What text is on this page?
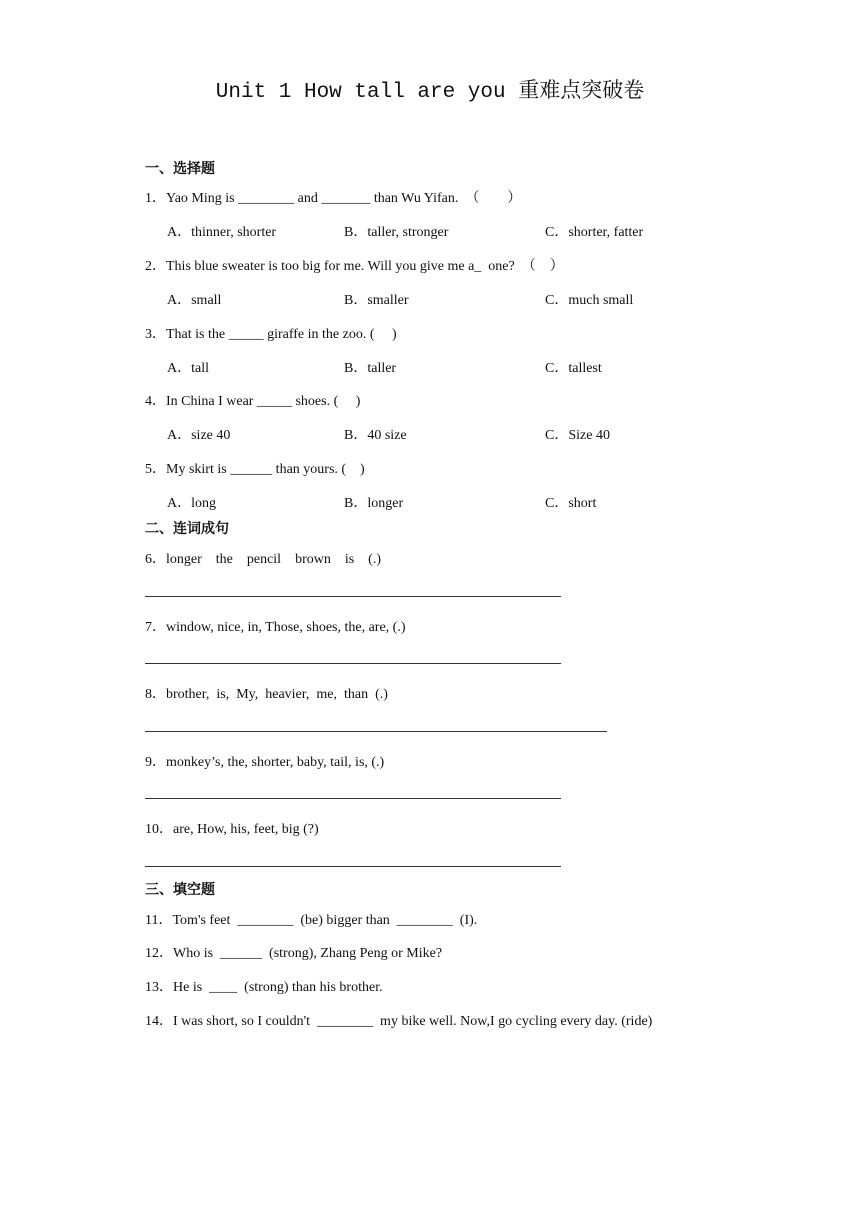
Unit 1 How tall are you 重难点突破卷
一、选择题
1．Yao Ming is ________ and _______ than Wu Yifan.  （        ）
A．thinner, shorter	B．taller, stronger	C．shorter, fatter
2．This blue sweater is too big for me. Will you give me a_  one?  （    ）
A．small	B．smaller	C．much small
3．That is the _____ giraffe in the zoo. (     )
A．tall	B．taller	C．tallest
4．In China I wear _____ shoes. (     )
A．size 40	B．40 size	C．Size 40
5．My skirt is ______ than yours. (    )
A．long	B．longer	C．short
二、连词成句
6．longer    the    pencil    brown    is    (.)
7．window, nice, in, Those, shoes, the, are, (.)
8．brother,  is,  My,  heavier,  me,  than  (.)
9．monkey’s, the, shorter, baby, tail, is, (.)
10．are, How, his, feet, big (?)
三、填空题
11．Tom's feet  ________  (be) bigger than  ________  (I).
12．Who is  ______  (strong), Zhang Peng or Mike?
13．He is  ____  (strong) than his brother.
14．I was short, so I couldn't  ________  my bike well. Now,I go cycling every day. (ride)
